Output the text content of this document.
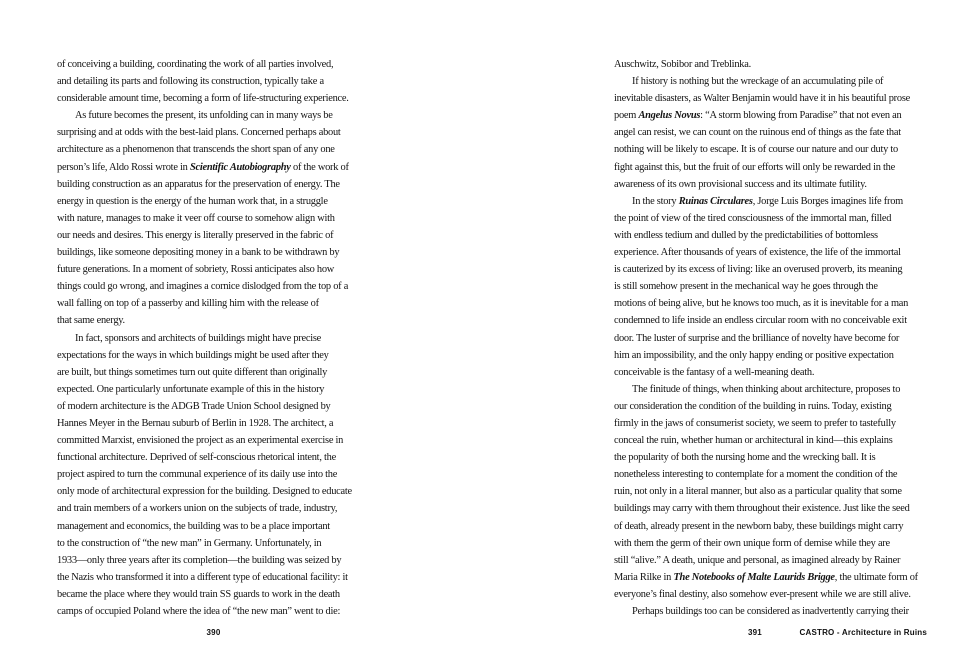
of conceiving a building, coordinating the work of all parties involved,
and detailing its parts and following its construction, typically take a
considerable amount time, becoming a form of life-structuring experience.
As future becomes the present, its unfolding can in many ways be
surprising and at odds with the best-laid plans. Concerned perhaps about
architecture as a phenomenon that transcends the short span of any one
person’s life, Aldo Rossi wrote in Scientific Autobiography of the work of
building construction as an apparatus for the preservation of energy. The
energy in question is the energy of the human work that, in a struggle
with nature, manages to make it veer off course to somehow align with
our needs and desires. This energy is literally preserved in the fabric of
buildings, like someone depositing money in a bank to be withdrawn by
future generations. In a moment of sobriety, Rossi anticipates also how
things could go wrong, and imagines a cornice dislodged from the top of a
wall falling on top of a passerby and killing him with the release of
that same energy.
In fact, sponsors and architects of buildings might have precise
expectations for the ways in which buildings might be used after they
are built, but things sometimes turn out quite different than originally
expected. One particularly unfortunate example of this in the history
of modern architecture is the ADGB Trade Union School designed by
Hannes Meyer in the Bernau suburb of Berlin in 1928. The architect, a
committed Marxist, envisioned the project as an experimental exercise in
functional architecture. Deprived of self-conscious rhetorical intent, the
project aspired to turn the communal experience of its daily use into the
only mode of architectural expression for the building. Designed to educate
and train members of a workers union on the subjects of trade, industry,
management and economics, the building was to be a place important
to the construction of “the new man” in Germany. Unfortunately, in
1933—only three years after its completion—the building was seized by
the Nazis who transformed it into a different type of educational facility: it
became the place where they would train SS guards to work in the death
camps of occupied Poland where the idea of “the new man” went to die:
Auschwitz, Sobibor and Treblinka.
If history is nothing but the wreckage of an accumulating pile of
inevitable disasters, as Walter Benjamin would have it in his beautiful prose
poem Angelus Novus: “A storm blowing from Paradise” that not even an
angel can resist, we can count on the ruinous end of things as the fate that
nothing will be likely to escape. It is of course our nature and our duty to
fight against this, but the fruit of our efforts will only be rewarded in the
awareness of its own provisional success and its ultimate futility.
In the story Ruinas Circulares, Jorge Luis Borges imagines life from
the point of view of the tired consciousness of the immortal man, filled
with endless tedium and dulled by the predictabilities of bottomless
experience. After thousands of years of existence, the life of the immortal
is cauterized by its excess of living: like an overused proverb, its meaning
is still somehow present in the mechanical way he goes through the
motions of being alive, but he knows too much, as it is inevitable for a man
condemned to life inside an endless circular room with no conceivable exit
door. The luster of surprise and the brilliance of novelty have become for
him an impossibility, and the only happy ending or positive expectation
conceivable is the fantasy of a well-meaning death.
The finitude of things, when thinking about architecture, proposes to
our consideration the condition of the building in ruins. Today, existing
firmly in the jaws of consumerist society, we seem to prefer to tastefully
conceal the ruin, whether human or architectural in kind—this explains
the popularity of both the nursing home and the wrecking ball. It is
nonetheless interesting to contemplate for a moment the condition of the
ruin, not only in a literal manner, but also as a particular quality that some
buildings may carry with them throughout their existence. Just like the seed
of death, already present in the newborn baby, these buildings might carry
with them the germ of their own unique form of demise while they are
still “alive.” A death, unique and personal, as imagined already by Rainer
Maria Rilke in The Notebooks of Malte Laurids Brigge, the ultimate form of
everyone’s final destiny, also somehow ever-present while we are still alive.
Perhaps buildings too can be considered as inadvertently carrying their
390	391	CASTRO - Architecture in Ruins
